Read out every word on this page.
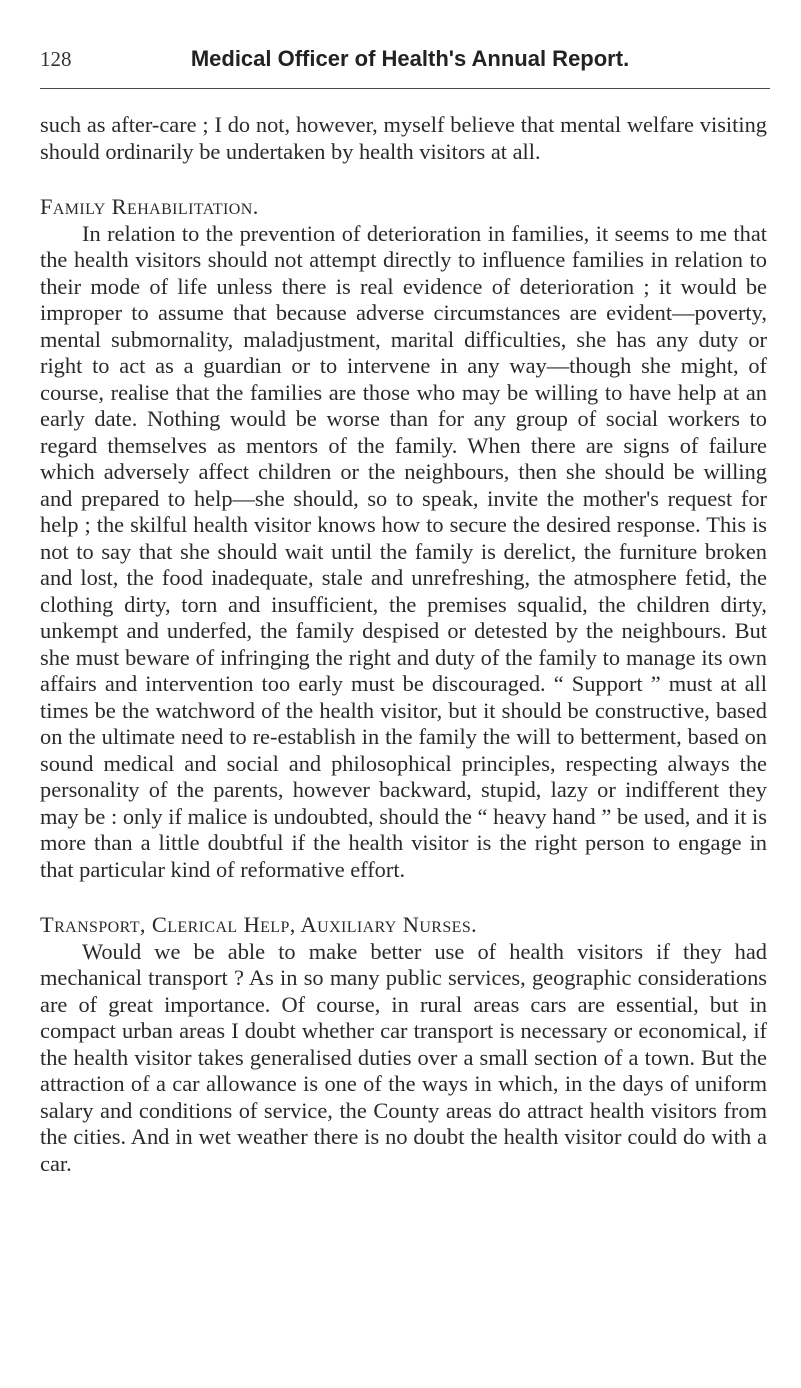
128	Medical Officer of Health's Annual Report.

such as after-care ; I do not, however, myself believe that mental welfare visiting should ordinarily be undertaken by health visitors at all.

Family Rehabilitation.

In relation to the prevention of deterioration in families, it seems to me that the health visitors should not attempt directly to influence families in relation to their mode of life unless there is real evidence of deterioration ; it would be improper to assume that because adverse circumstances are evident—poverty, mental submornality, maladjustment, marital difficulties, she has any duty or right to act as a guardian or to intervene in any way—though she might, of course, realise that the families are those who may be willing to have help at an early date. Nothing would be worse than for any group of social workers to regard themselves as mentors of the family. When there are signs of failure which adversely affect children or the neighbours, then she should be willing and prepared to help—she should, so to speak, invite the mother's request for help ; the skilful health visitor knows how to secure the desired response. This is not to say that she should wait until the family is derelict, the furniture broken and lost, the food inadequate, stale and unrefreshing, the atmosphere fetid, the clothing dirty, torn and insufficient, the premises squalid, the children dirty, unkempt and underfed, the family despised or detested by the neighbours. But she must beware of infringing the right and duty of the family to manage its own affairs and intervention too early must be discouraged. “ Support ” must at all times be the watchword of the health visitor, but it should be constructive, based on the ultimate need to re-establish in the family the will to betterment, based on sound medical and social and philosophical principles, respecting always the personality of the parents, however backward, stupid, lazy or indifferent they may be : only if malice is undoubted, should the “ heavy hand ” be used, and it is more than a little doubtful if the health visitor is the right person to engage in that particular kind of reformative effort.

Transport, Clerical Help, Auxiliary Nurses.

Would we be able to make better use of health visitors if they had mechanical transport ? As in so many public services, geographic considerations are of great importance. Of course, in rural areas cars are essential, but in compact urban areas I doubt whether car transport is necessary or economical, if the health visitor takes generalised duties over a small section of a town. But the attraction of a car allowance is one of the ways in which, in the days of uniform salary and conditions of service, the County areas do attract health visitors from the cities. And in wet weather there is no doubt the health visitor could do with a car.
